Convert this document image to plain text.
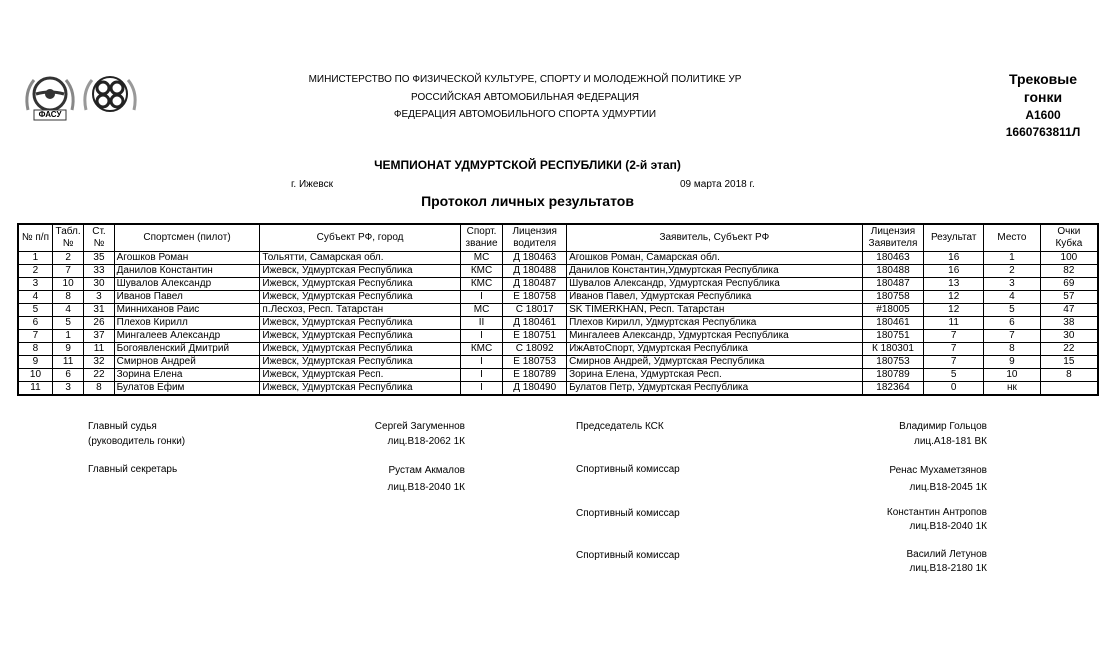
ФАСУ
МИНИСТЕРСТВО ПО ФИЗИЧЕСКОЙ КУЛЬТУРЕ, СПОРТУ И МОЛОДЕЖНОЙ ПОЛИТИКЕ УР
РОССИЙСКАЯ АВТОМОБИЛЬНАЯ ФЕДЕРАЦИЯ
ФЕДЕРАЦИЯ АВТОМОБИЛЬНОГО СПОРТА УДМУРТИИ
Трековые
гонки
А1600
1660763811Л
ЧЕМПИОНАТ УДМУРТСКОЙ РЕСПУБЛИКИ (2-й этап)
г. Ижевск	09 марта 2018 г.
Протокол личных результатов
№ п/п	Табл. №	Ст. №	Спортсмен (пилот)	Субъект РФ, город	Спорт. звание	Лицензия водителя	Заявитель, Субъект РФ	Лицензия Заявителя	Результат	Место	Очки Кубка
1	2	35	Агошков Роман	Тольятти, Самарская обл.	МС	Д 180463	Агошков Роман, Самарская обл.	180463	16	1	100
2	7	33	Данилов Константин	Ижевск, Удмуртская Республика	КМС	Д 180488	Данилов Константин,Удмуртская Республика	180488	16	2	82
3	10	30	Шувалов Александр	Ижевск, Удмуртская Республика	КМС	Д 180487	Шувалов Александр, Удмуртская Республика	180487	13	3	69
4	8	3	Иванов Павел	Ижевск, Удмуртская Республика	I	Е 180758	Иванов Павел, Удмуртская Республика	180758	12	4	57
5	4	31	Минниханов Раис	п.Лесхоз, Респ. Татарстан	МС	С 18017	SK TIMERKHAN, Респ. Татарстан	#18005	12	5	47
6	5	26	Плехов Кирилл	Ижевск, Удмуртская Республика	II	Д 180461	Плехов Кирилл, Удмуртская Республика	180461	11	6	38
7	1	37	Мингалеев Александр	Ижевск, Удмуртская Республика	I	Е 180751	Мингалеев Александр, Удмуртская Республика	180751	7	7	30
8	9	11	Богоявленский Дмитрий	Ижевск, Удмуртская Республика	КМС	С 18092	ИжАвтоСпорт, Удмуртская Республика	К 180301	7	8	22
9	11	32	Смирнов Андрей	Ижевск, Удмуртская Республика	I	Е 180753	Смирнов Андрей, Удмуртская Республика	180753	7	9	15
10	6	22	Зорина Елена	Ижевск, Удмуртская Респ.	I	Е 180789	Зорина Елена, Удмуртская Респ.	180789	5	10	8
11	3	8	Булатов Ефим	Ижевск, Удмуртская Республика	I	Д 180490	Булатов Петр, Удмуртская Республика	182364	0	нк	
Главный судья
(руководитель гонки)
Сергей Загуменнов
лиц.В18-2062 1К
Главный секретарь	Рустам Акмалов
лиц.В18-2040 1К
Председатель КСК	Владимир Гольцов
лиц.А18-181 ВК
Спортивный комиссар	Ренас Мухаметзянов
лиц.В18-2045 1К
Спортивный комиссар	Константин Антропов
лиц.В18-2040 1К
Спортивный комиссар	Василий Летунов
лиц.В18-2180 1К
